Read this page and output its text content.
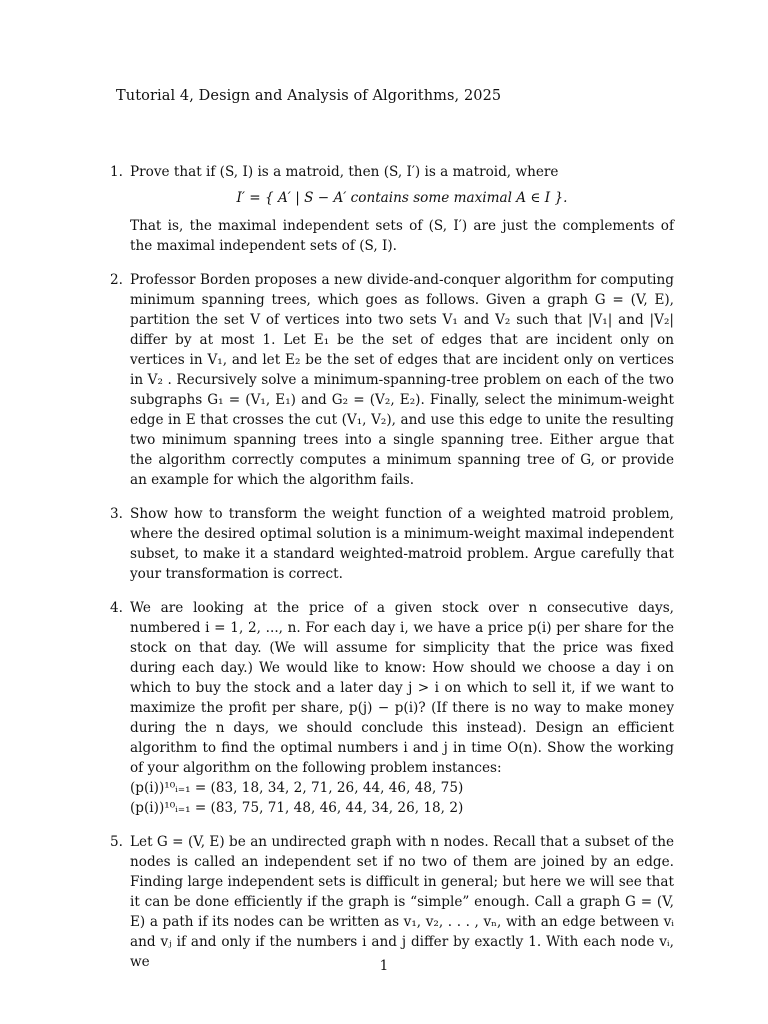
Tutorial 4, Design and Analysis of Algorithms, 2025
1. Prove that if (S, I) is a matroid, then (S, I′) is a matroid, where

I′ = { A′ | S − A′ contains some maximal A ∈ I }.

That is, the maximal independent sets of (S, I′) are just the complements of the maximal independent sets of (S, I).

2. Professor Borden proposes a new divide-and-conquer algorithm for computing minimum spanning trees, which goes as follows. Given a graph G = (V, E), partition the set V of vertices into two sets V₁ and V₂ such that |V₁| and |V₂| differ by at most 1. Let E₁ be the set of edges that are incident only on vertices in V₁, and let E₂ be the set of edges that are incident only on vertices in V₂ . Recursively solve a minimum-spanning-tree problem on each of the two subgraphs G₁ = (V₁, E₁) and G₂ = (V₂, E₂). Finally, select the minimum-weight edge in E that crosses the cut (V₁, V₂), and use this edge to unite the resulting two minimum spanning trees into a single spanning tree. Either argue that the algorithm correctly computes a minimum spanning tree of G, or provide an example for which the algorithm fails.

3. Show how to transform the weight function of a weighted matroid problem, where the desired optimal solution is a minimum-weight maximal independent subset, to make it a standard weighted-matroid problem. Argue carefully that your transformation is correct.

4. We are looking at the price of a given stock over n consecutive days, numbered i = 1, 2, ..., n. For each day i, we have a price p(i) per share for the stock on that day. (We will assume for simplicity that the price was fixed during each day.) We would like to know: How should we choose a day i on which to buy the stock and a later day j > i on which to sell it, if we want to maximize the profit per share, p(j) − p(i)? (If there is no way to make money during the n days, we should conclude this instead). Design an efficient algorithm to find the optimal numbers i and j in time O(n). Show the working of your algorithm on the following problem instances:

(p(i))¹⁰ᵢ₌₁ = (83, 18, 34, 2, 71, 26, 44, 46, 48, 75)

(p(i))¹⁰ᵢ₌₁ = (83, 75, 71, 48, 46, 44, 34, 26, 18, 2)

5. Let G = (V, E) be an undirected graph with n nodes. Recall that a subset of the nodes is called an independent set if no two of them are joined by an edge. Finding large independent sets is difficult in general; but here we will see that it can be done efficiently if the graph is “simple” enough. Call a graph G = (V, E) a path if its nodes can be written as v₁, v₂, . . . , vₙ, with an edge between vᵢ and vⱼ if and only if the numbers i and j differ by exactly 1. With each node vᵢ, we	1
